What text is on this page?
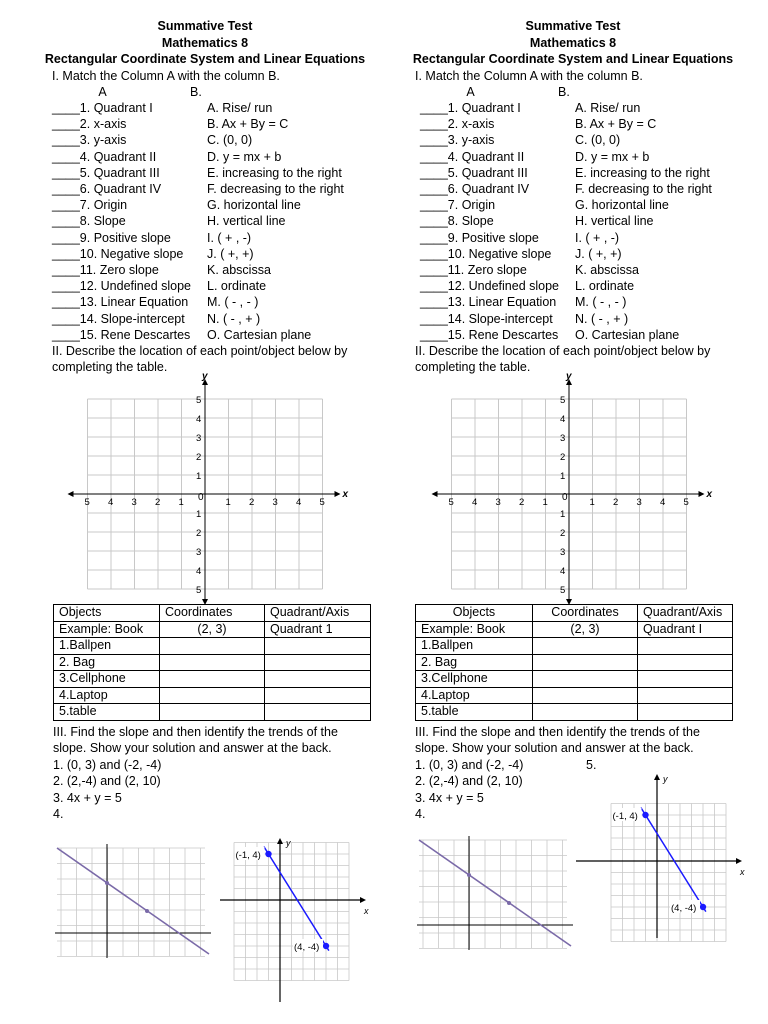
Summative Test
Mathematics 8
Rectangular Coordinate System and Linear Equations
I. Match the Column A with the column B.
A	B.
____1. Quadrant I	A. Rise/ run
____2. x-axis	B. Ax + By = C
____3. y-axis	C. (0, 0)
____4. Quadrant II	D. y = mx + b
____5. Quadrant III	E. increasing to the right
____6. Quadrant IV	F. decreasing to the right
____7. Origin	G. horizontal line
____8. Slope	H. vertical line
____9. Positive slope	I. ( + , -)
____10. Negative slope	J. ( +, +)
____11. Zero slope	K. abscissa
____12. Undefined slope	L. ordinate
____13. Linear Equation	M. ( - , - )
____14. Slope-intercept	N. ( - , + )
____15. Rene Descartes	O. Cartesian plane
II. Describe the location of each point/object below by
completing the table.
Summative Test
Mathematics 8
Rectangular Coordinate System and Linear Equations
I. Match the Column A with the column B.
A	B.
____1. Quadrant I	A. Rise/ run
____2. x-axis	B. Ax + By = C
____3. y-axis	C. (0, 0)
____4. Quadrant II	D. y = mx + b
____5. Quadrant III	E. increasing to the right
____6. Quadrant IV	F. decreasing to the right
____7. Origin	G. horizontal line
____8. Slope	H. vertical line
____9. Positive slope	I. ( + , -)
____10. Negative slope	J. ( +, +)
____11. Zero slope	K. abscissa
____12. Undefined slope	L. ordinate
____13. Linear Equation	M. ( - , - )
____14. Slope-intercept	N. ( - , + )
____15. Rene Descartes	O. Cartesian plane
II. Describe the location of each point/object below by
completing the table.
x
y
0
5 4 3 2 1	1 2 3 4 5
5
4
3
2
1
1
2
3
4
5
x
y
0
5 4 3 2 1	1 2 3 4 5
5
4
3
2
1
1
2
3
4
5
Objects	Coordinates	Quadrant/Axis
Example: Book	(2, 3)	Quadrant 1
1.Ballpen		
2. Bag		
3.Cellphone		
4.Laptop		
5.table		
Objects	Coordinates	Quadrant/Axis
Example: Book	(2, 3)	Quadrant I
1.Ballpen		
2. Bag		
3.Cellphone		
4.Laptop		
5.table		
III. Find the slope and then identify the trends of the
slope. Show your solution and answer at the back.
1. (0, 3) and (-2, -4)
2. (2,-4) and (2, 10)
3. 4x + y = 5
4.
III. Find the slope and then identify the trends of the
slope. Show your solution and answer at the back.
1. (0, 3) and (-2, -4)	5.
2. (2,-4) and (2, 10)
3. 4x + y = 5
4.
x
y
(-1, 4)
(4, -4)
x
y
(-1, 4)
(4, -4)
